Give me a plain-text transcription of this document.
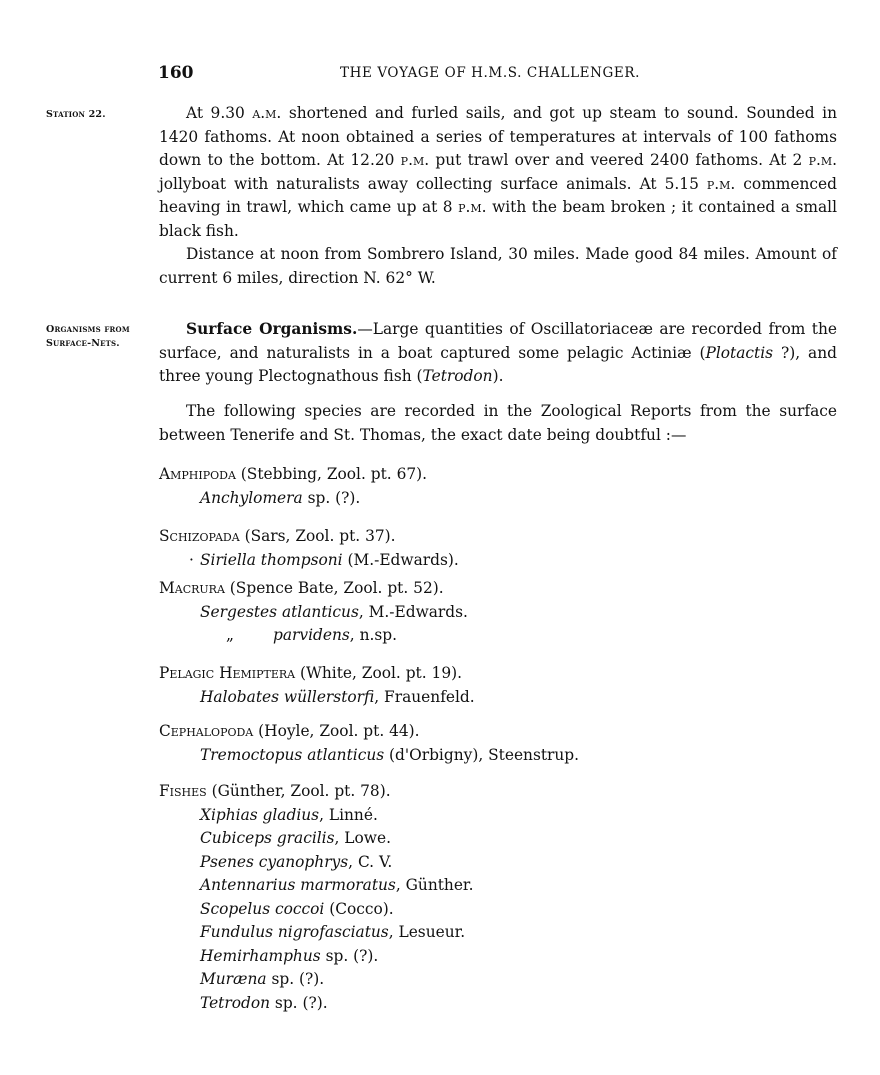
160	THE VOYAGE OF H.M.S. CHALLENGER.
Station 22.
Organisms from
Surface-Nets.

At 9.30 a.m. shortened and furled sails, and got up steam to sound. Sounded in 1420 fathoms. At noon obtained a series of temperatures at intervals of 100 fathoms down to the bottom. At 12.20 p.m. put trawl over and veered 2400 fathoms. At 2 p.m. jollyboat with naturalists away collecting surface animals. At 5.15 p.m. commenced heaving in trawl, which came up at 8 p.m. with the beam broken ; it contained a small black fish.

Distance at noon from Sombrero Island, 30 miles. Made good 84 miles. Amount of current 6 miles, direction N. 62° W.

Surface Organisms.—Large quantities of Oscillatoriaceæ are recorded from the surface, and naturalists in a boat captured some pelagic Actiniæ (Plotactis ?), and three young Plectognathous fish (Tetrodon).

The following species are recorded in the Zoological Reports from the surface between Tenerife and St. Thomas, the exact date being doubtful :—

Amphipoda (Stebbing, Zool. pt. 67).
Anchylomera sp. (?).
Schizopada (Sars, Zool. pt. 37).
· Siriella thompsoni (M.-Edwards).
Macrura (Spence Bate, Zool. pt. 52).
Sergestes atlanticus, M.-Edwards.
„	parvidens, n.sp.
Pelagic Hemiptera (White, Zool. pt. 19).
Halobates wüllerstorfi, Frauenfeld.
Cephalopoda (Hoyle, Zool. pt. 44).
Tremoctopus atlanticus (d'Orbigny), Steenstrup.
Fishes (Günther, Zool. pt. 78).
Xiphias gladius, Linné.
Cubiceps gracilis, Lowe.
Psenes cyanophrys, C. V.
Antennarius marmoratus, Günther.
Scopelus coccoi (Cocco).
Fundulus nigrofasciatus, Lesueur.
Hemirhamphus sp. (?).
Muræna sp. (?).
Tetrodon sp. (?).
